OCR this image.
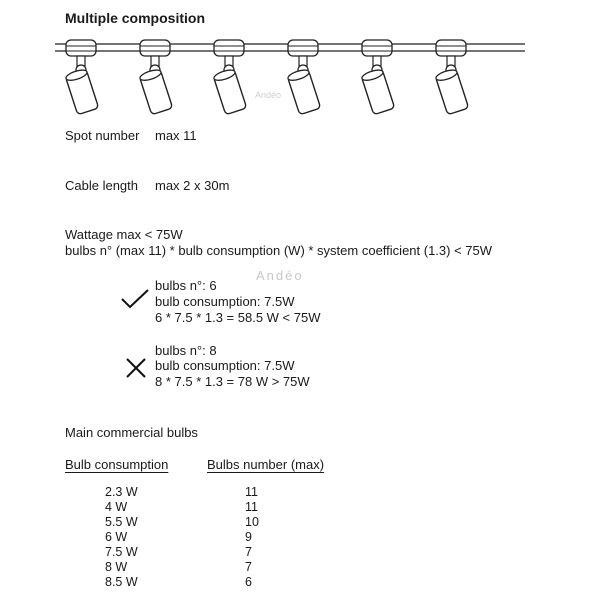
Multiple composition
Andéo
Spot number max 11
Cable length max 2 x 30m
Wattage max < 75W
bulbs n° (max 11) * bulb consumption (W) * system coefficient (1.3) < 75W
Andéo
bulbs n°: 6
bulb consumption: 7.5W
6 * 7.5 * 1.3 = 58.5 W < 75W
bulbs n°: 8
bulb consumption: 7.5W
8 * 7.5 * 1.3 = 78 W > 75W
Main commercial bulbs
Bulb consumption	Bulbs number (max)
2.3 W	11
4 W	11
5.5 W	10
6 W	9
7.5 W	7
8 W	7
8.5 W	6
